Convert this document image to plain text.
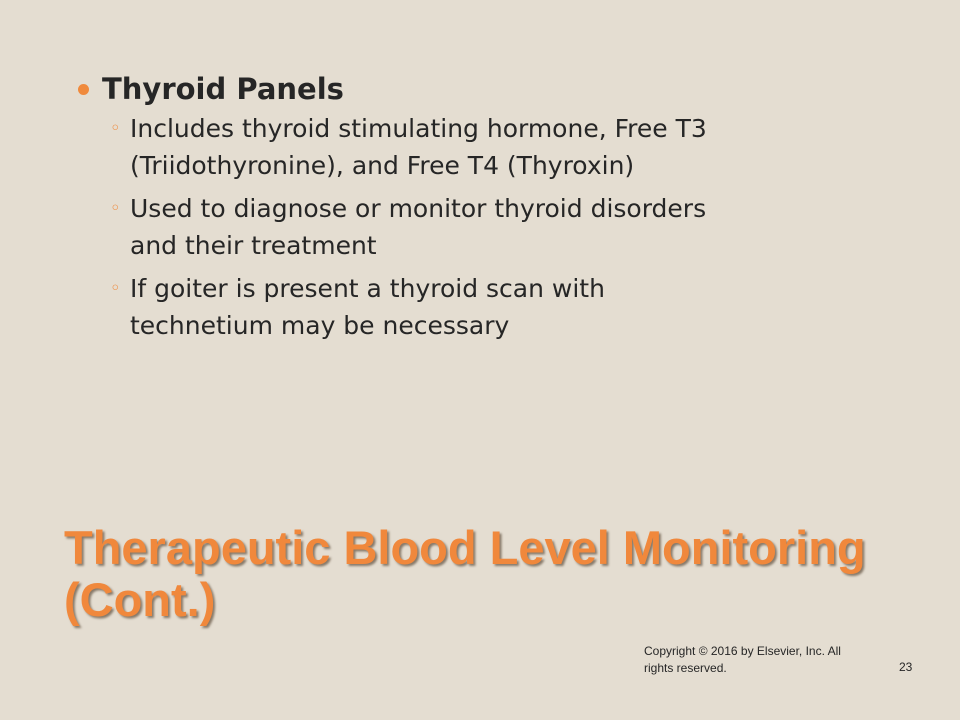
Thyroid Panels
◦ Includes thyroid stimulating hormone, Free T3
(Triidothyronine), and Free T4 (Thyroxin)
◦ Used to diagnose or monitor thyroid disorders
and their treatment
◦ If goiter is present a thyroid scan with
technetium may be necessary
Therapeutic Blood Level Monitoring
(Cont.)
Copyright © 2016 by Elsevier, Inc. All
rights reserved.	23
